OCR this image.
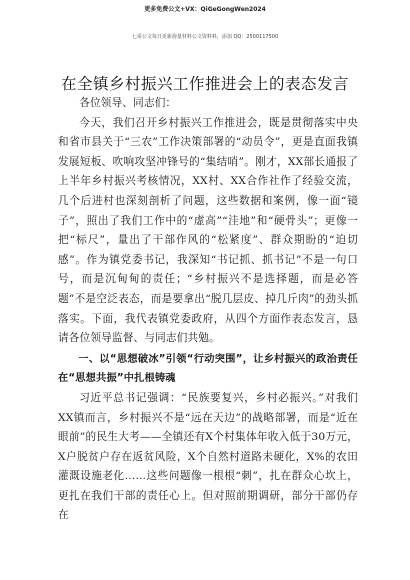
更多免费公文+VX：QiGeGongWen2024
七哥公文每日更新海量材料公文资料料，添加 QQ：2500117500
在全镇乡村振兴工作推进会上的表态发言

各位领导、同志们：

今天，我们召开乡村振兴工作推进会，既是贯彻落实中央和省市县关于“三农”工作决策部署的“动员令”，更是直面我镇发展短板、吹响攻坚冲锋号的“集结哨”。刚才，XX部长通报了上半年乡村振兴考核情况，XX村、XX合作社作了经验交流，几个后进村也深刻剖析了问题，这些数据和案例，像一面“镜子”，照出了我们工作中的“虚高”“洼地”和“硬骨头”；更像一把“标尺”，量出了干部作风的“松紧度”、群众期盼的“迫切感”。作为镇党委书记，我深知“书记抓、抓书记”不是一句口号，而是沉甸甸的责任；“乡村振兴不是选择题，而是必答题”不是空泛表态，而是要拿出“脱几层皮、掉几斤肉”的劲头抓落实。下面，我代表镇党委政府，从四个方面作表态发言，恳请各位领导监督、与同志们共勉。

一、以“思想破冰”引领“行动突围”，让乡村振兴的政治责任在“思想共振”中扎根铸魂

习近平总书记强调：“民族要复兴，乡村必振兴。”对我们XX镇而言，乡村振兴不是“远在天边”的战略部署，而是“近在眼前”的民生大考——全镇还有X个村集体年收入低于30万元，X户脱贫户存在返贫风险，X个自然村道路未硬化，X%的农田灌溉设施老化……这些问题像一根根“刺”，扎在群众心坎上，更扎在我们干部的责任心上。但对照前期调研，部分干部仍存在
